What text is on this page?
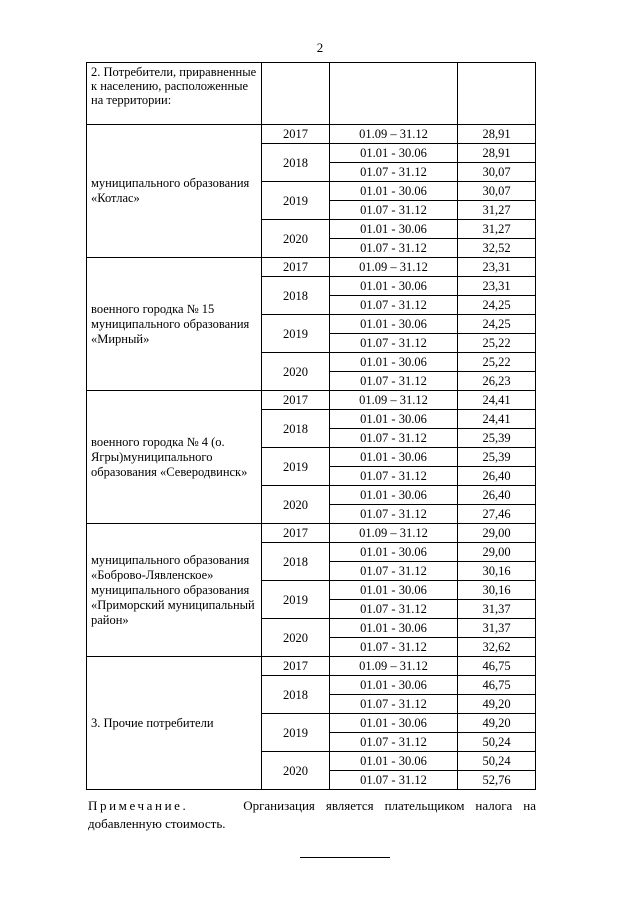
2
2. Потребители, приравненные к населению, расположенные на территории:			
муниципального образования «Котлас»	2017	01.09 – 31.12	28,91
	2018	01.01 - 30.06	28,91
		01.07 - 31.12	30,07
	2019	01.01 - 30.06	30,07
		01.07 - 31.12	31,27
	2020	01.01 - 30.06	31,27
		01.07 - 31.12	32,52
военного городка № 15 муниципального образования «Мирный»	2017	01.09 – 31.12	23,31
	2018	01.01 - 30.06	23,31
		01.07 - 31.12	24,25
	2019	01.01 - 30.06	24,25
		01.07 - 31.12	25,22
	2020	01.01 - 30.06	25,22
		01.07 - 31.12	26,23
военного городка № 4 (о. Ягры)муниципального образования «Северодвинск»	2017	01.09 – 31.12	24,41
	2018	01.01 - 30.06	24,41
		01.07 - 31.12	25,39
	2019	01.01 - 30.06	25,39
		01.07 - 31.12	26,40
	2020	01.01 - 30.06	26,40
		01.07 - 31.12	27,46
муниципального образования «Боброво-Лявленское» муниципального образования «Приморский муниципальный район»	2017	01.09 – 31.12	29,00
	2018	01.01 - 30.06	29,00
		01.07 - 31.12	30,16
	2019	01.01 - 30.06	30,16
		01.07 - 31.12	31,37
	2020	01.01 - 30.06	31,37
		01.07 - 31.12	32,62
3. Прочие потребители	2017	01.09 – 31.12	46,75
	2018	01.01 - 30.06	46,75
		01.07 - 31.12	49,20
	2019	01.01 - 30.06	49,20
		01.07 - 31.12	50,24
	2020	01.01 - 30.06	50,24
		01.07 - 31.12	52,76
Примечание.	Организация является плательщиком налога на добавленную стоимость.
